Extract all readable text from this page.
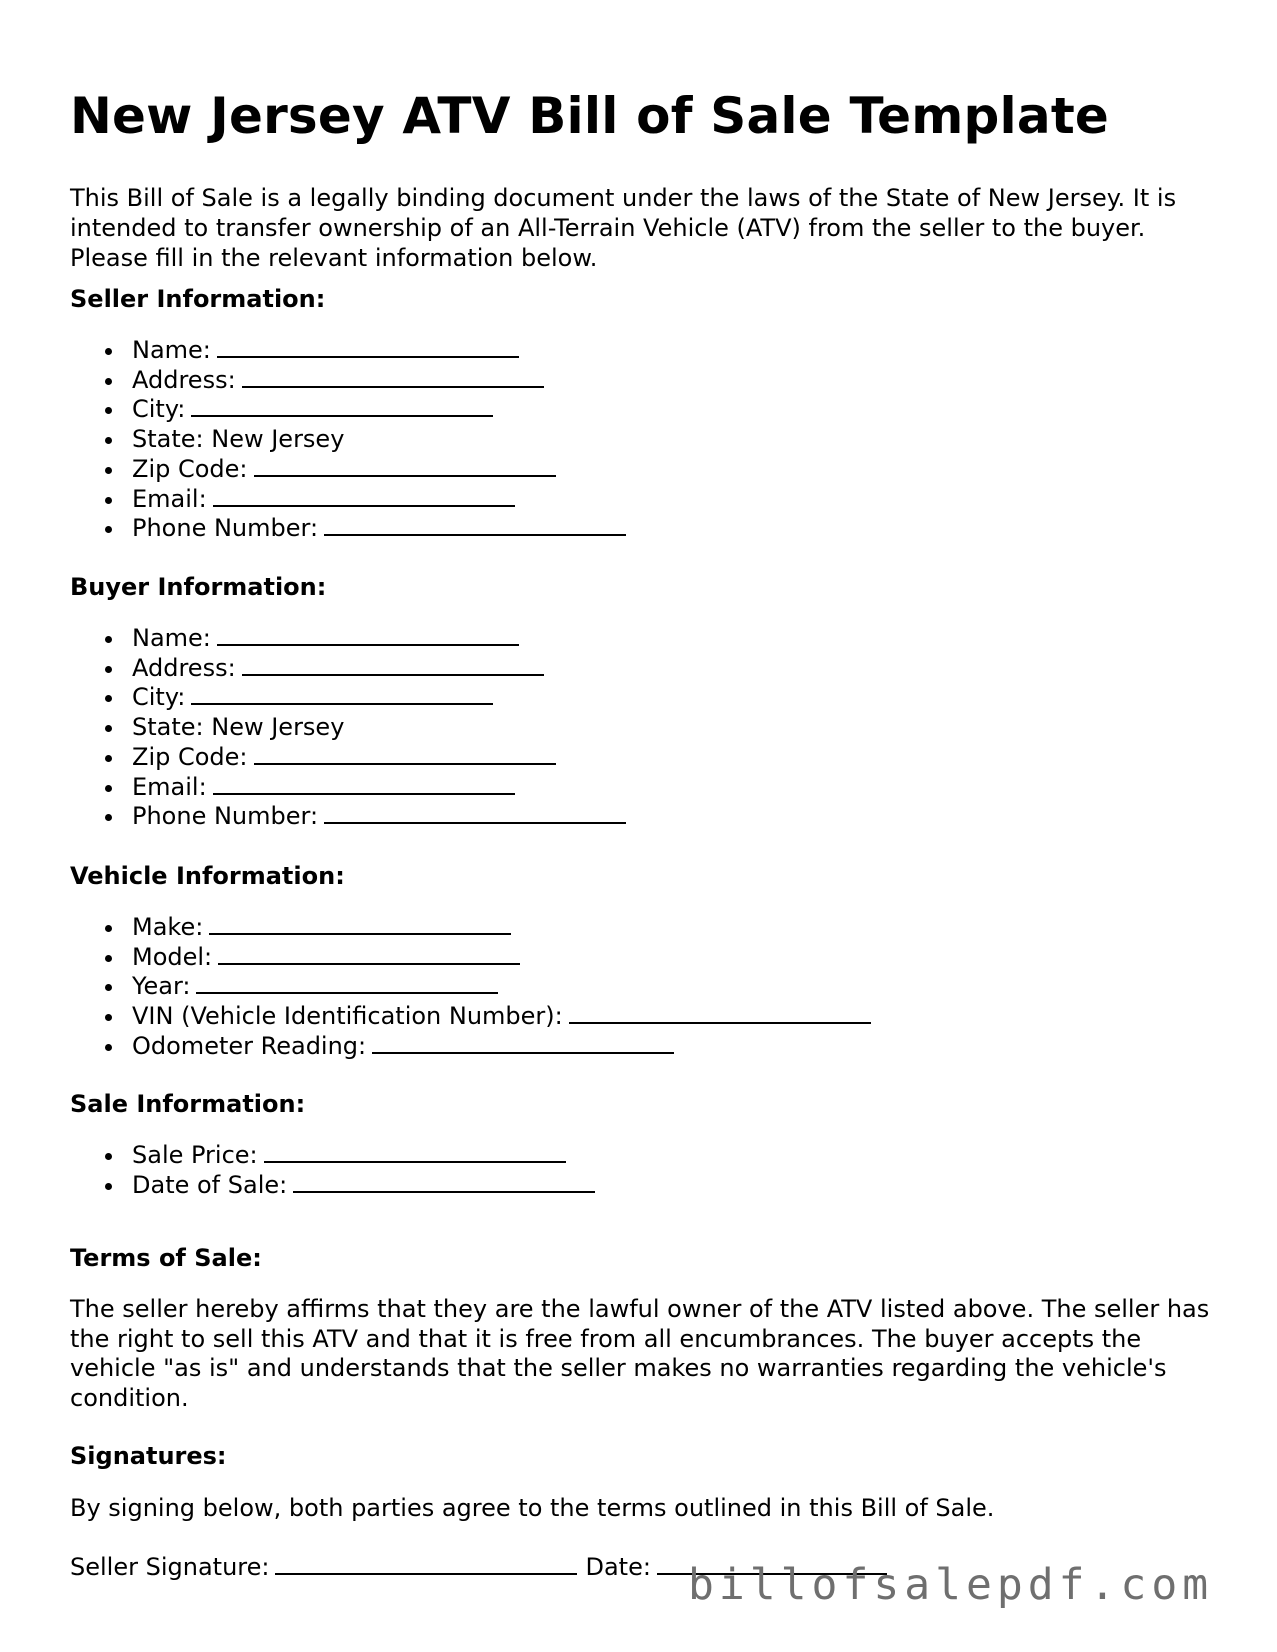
New Jersey ATV Bill of Sale Template

This Bill of Sale is a legally binding document under the laws of the State of New Jersey. It is intended to transfer ownership of an All-Terrain Vehicle (ATV) from the seller to the buyer. Please fill in the relevant information below.

Seller Information:
Name:
Address:
City:
State: New Jersey
Zip Code:
Email:
Phone Number:
Buyer Information:
Name:
Address:
City:
State: New Jersey
Zip Code:
Email:
Phone Number:
Vehicle Information:
Make:
Model:
Year:
VIN (Vehicle Identification Number):
Odometer Reading:
Sale Information:
Sale Price:
Date of Sale:
Terms of Sale:

The seller hereby affirms that they are the lawful owner of the ATV listed above. The seller has the right to sell this ATV and that it is free from all encumbrances. The buyer accepts the vehicle "as is" and understands that the seller makes no warranties regarding the vehicle's condition.

Signatures:

By signing below, both parties agree to the terms outlined in this Bill of Sale.

Seller Signature:	Date: billofsalepdf.com
